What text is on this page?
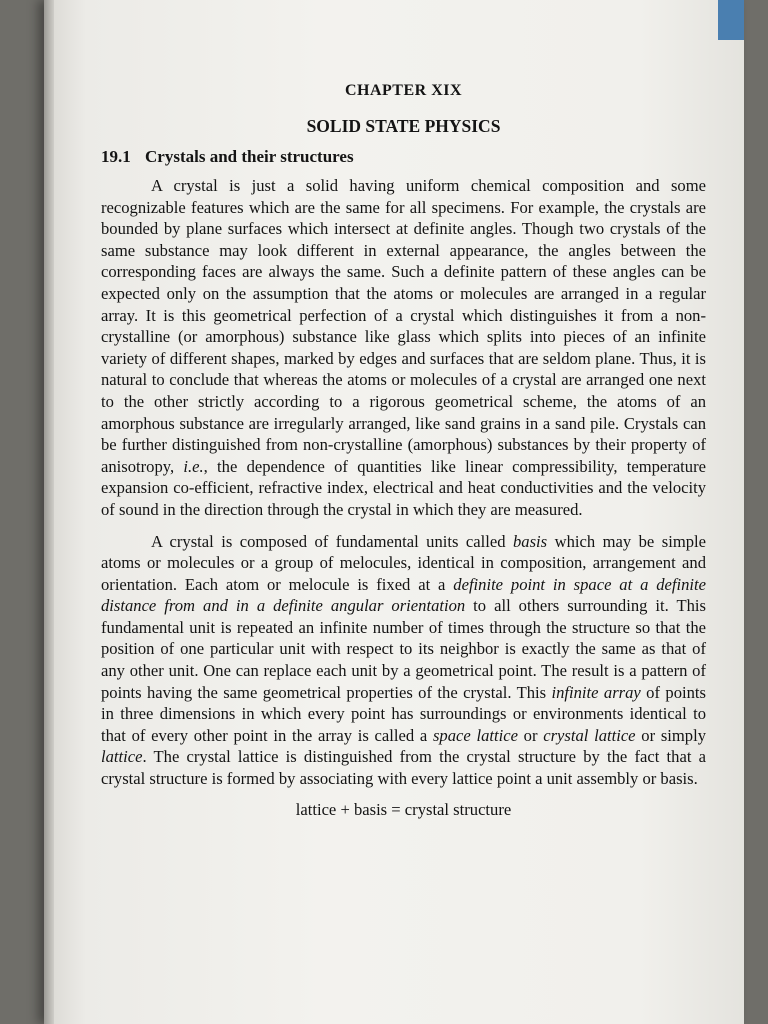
CHAPTER XIX
SOLID STATE PHYSICS
19.1 Crystals and their structures

A crystal is just a solid having uniform chemical composition and some recognizable features which are the same for all specimens. For example, the crystals are bounded by plane surfaces which intersect at definite angles. Though two crystals of the same substance may look different in external appearance, the angles between the corresponding faces are always the same. Such a definite pattern of these angles can be expected only on the assumption that the atoms or molecules are arranged in a regular array. It is this geometrical perfection of a crystal which distinguishes it from a non-crystalline (or amorphous) substance like glass which splits into pieces of an infinite variety of different shapes, marked by edges and surfaces that are seldom plane. Thus, it is natural to conclude that whereas the atoms or molecules of a crystal are arranged one next to the other strictly according to a rigorous geometrical scheme, the atoms of an amorphous substance are irregularly arranged, like sand grains in a sand pile. Crystals can be further distinguished from non-crystalline (amorphous) substances by their property of anisotropy, i.e., the dependence of quantities like linear compressibility, temperature expansion co-efficient, refractive index, electrical and heat conductivities and the velocity of sound in the direction through the crystal in which they are measured.

A crystal is composed of fundamental units called basis which may be simple atoms or molecules or a group of melocules, identical in composition, arrangement and orientation. Each atom or melocule is fixed at a definite point in space at a definite distance from and in a definite angular orientation to all others surrounding it. This fundamental unit is repeated an infinite number of times through the structure so that the position of one particular unit with respect to its neighbor is exactly the same as that of any other unit. One can replace each unit by a geometrical point. The result is a pattern of points having the same geometrical properties of the crystal. This infinite array of points in three dimensions in which every point has surroundings or environments identical to that of every other point in the array is called a space lattice or crystal lattice or simply lattice. The crystal lattice is distinguished from the crystal structure by the fact that a crystal structure is formed by associating with every lattice point a unit assembly or basis.

lattice + basis = crystal structure
